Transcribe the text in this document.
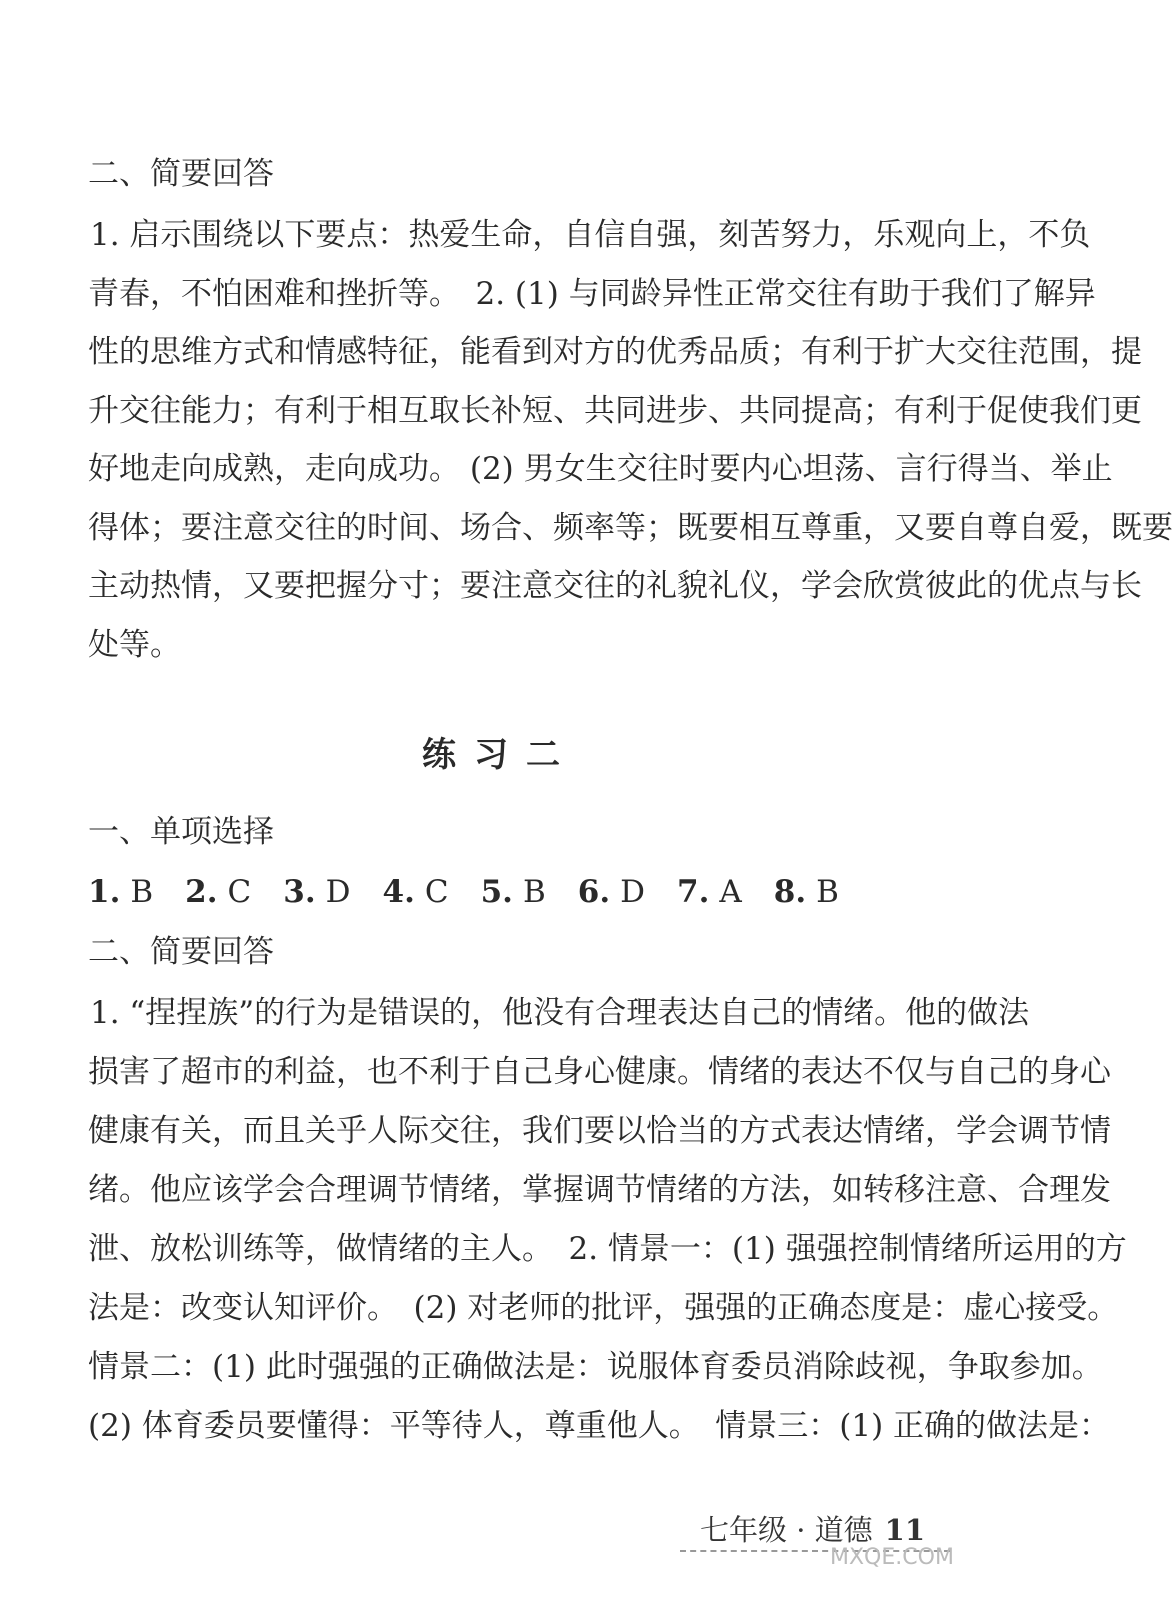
二、简要回答
1. 启示围绕以下要点：热爱生命，自信自强，刻苦努力，乐观向上，不负
青春，不怕困难和挫折等。　2. (1) 与同龄异性正常交往有助于我们了解异
性的思维方式和情感特征，能看到对方的优秀品质；有利于扩大交往范围，提
升交往能力；有利于相互取长补短、共同进步、共同提高；有利于促使我们更
好地走向成熟，走向成功。 (2) 男女生交往时要内心坦荡、言行得当、举止
得体；要注意交往的时间、场合、频率等；既要相互尊重，又要自尊自爱，既要
主动热情，又要把握分寸；要注意交往的礼貌礼仪，学会欣赏彼此的优点与长
处等。
练习二
一、单项选择
1. B 2. C 3. D 4. C 5. B 6. D 7. A 8. B
二、简要回答
1. “捏捏族”的行为是错误的，他没有合理表达自己的情绪。他的做法
损害了超市的利益，也不利于自己身心健康。情绪的表达不仅与自己的身心
健康有关，而且关乎人际交往，我们要以恰当的方式表达情绪，学会调节情
绪。他应该学会合理调节情绪，掌握调节情绪的方法，如转移注意、合理发
泄、放松训练等，做情绪的主人。　2. 情景一：(1) 强强控制情绪所运用的方
法是：改变认知评价。　(2) 对老师的批评，强强的正确态度是：虚心接受。
情景二：(1) 此时强强的正确做法是：说服体育委员消除歧视，争取参加。
(2) 体育委员要懂得：平等待人，尊重他人。　情景三：(1) 正确的做法是：
七年级 · 道德 11
MXQE.COM
